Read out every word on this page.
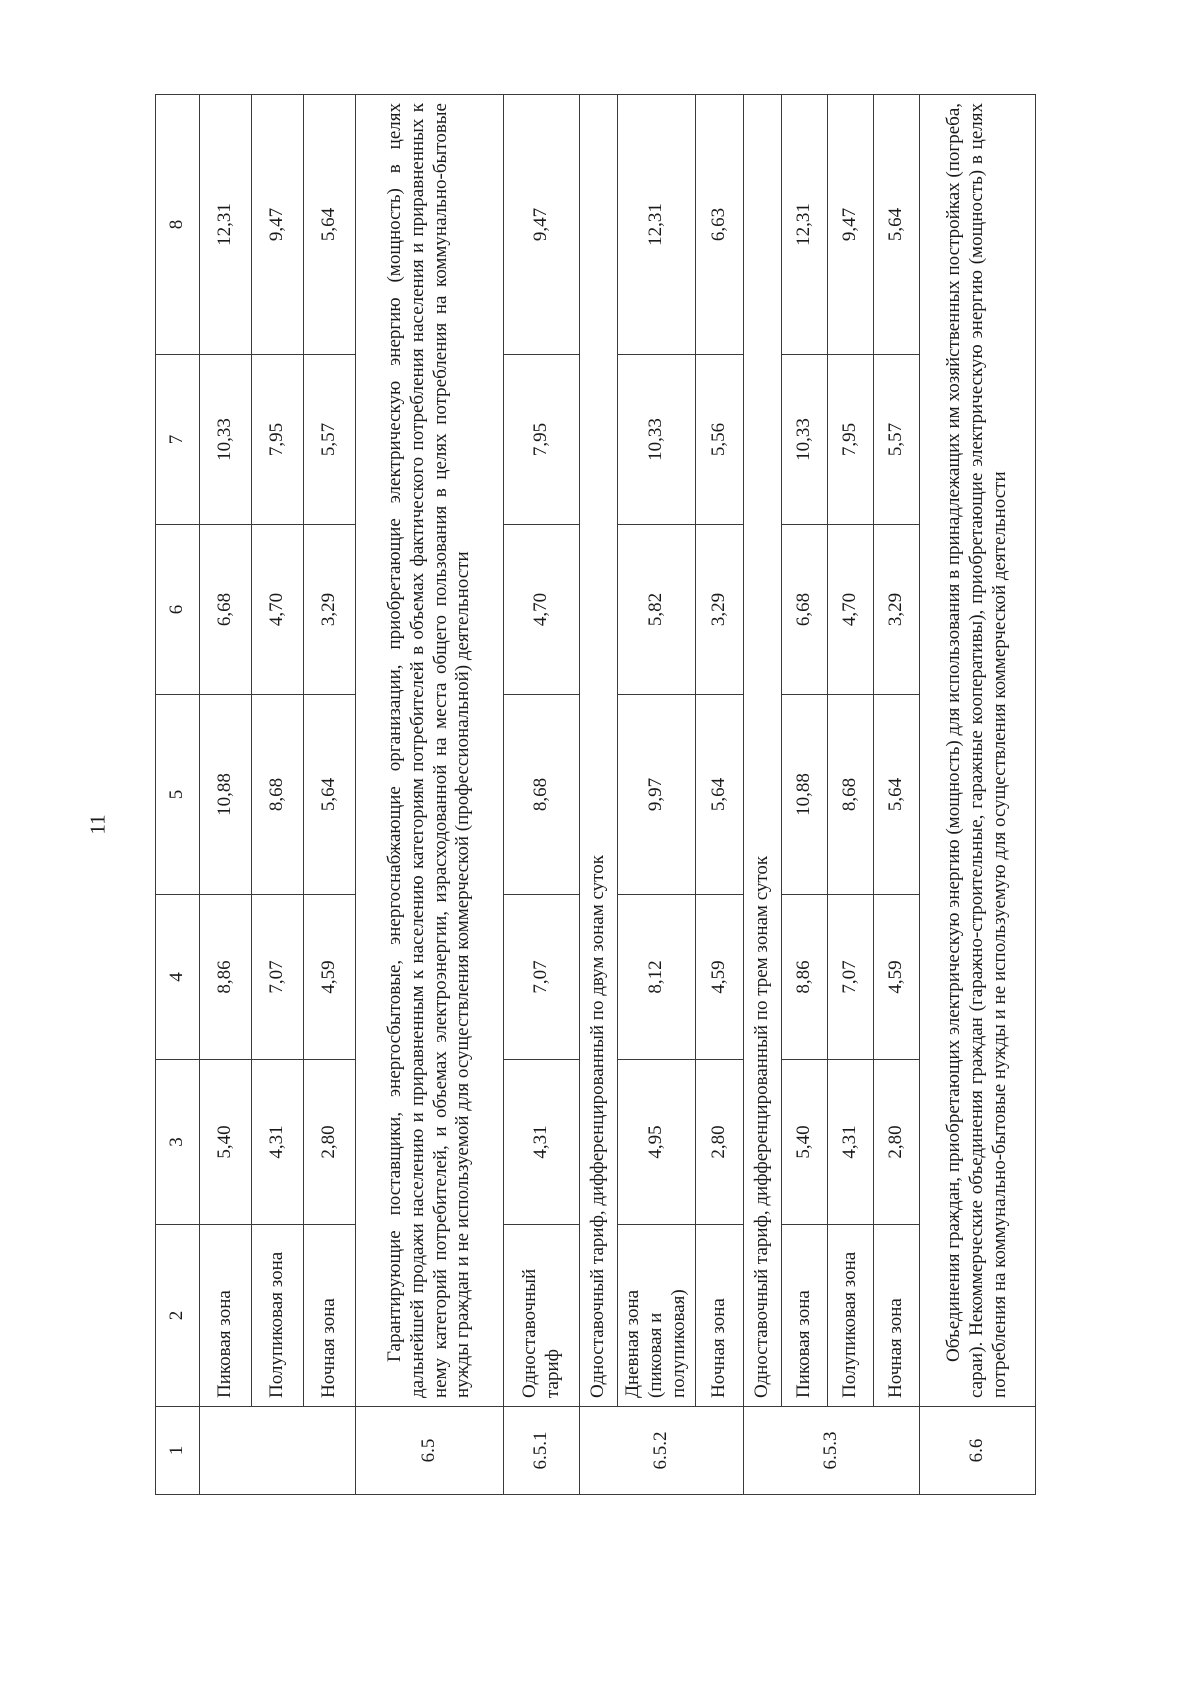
11
1	2	3	4	5	6	7	8
	Пиковая зона	5,40	8,86	10,88	6,68	10,33	12,31
	Полупиковая зона	4,31	7,07	8,68	4,70	7,95	9,47
	Ночная зона	2,80	4,59	5,64	3,29	5,57	5,64
6.5	Гарантирующие поставщики, энергосбытовые, энергоснабжающие организации, приобретающие электрическую энергию (мощность) в целях дальнейшей продажи населению и приравненным к населению категориям потребителей в объемах фактического потребления населения и приравненных к нему категорий потребителей, и объемах электроэнергии, израсходованной на места общего пользования в целях потребления на коммунально-бытовые нужды граждан и не используемой для осуществления коммерческой (профессиональной) деятельности						
6.5.1	Одноставочный тариф	4,31	7,07	8,68	4,70	7,95	9,47
6.5.2	Одноставочный тариф, дифференцированный по двум зонам суток						
	Дневная зона (пиковая и полупиковая)	4,95	8,12	9,97	5,82	10,33	12,31
	Ночная зона	2,80	4,59	5,64	3,29	5,56	6,63
6.5.3	Одноставочный тариф, дифференцированный по трем зонам суток						
	Пиковая зона	5,40	8,86	10,88	6,68	10,33	12,31
	Полупиковая зона	4,31	7,07	8,68	4,70	7,95	9,47
	Ночная зона	2,80	4,59	5,64	3,29	5,57	5,64
6.6	Объединения граждан, приобретающих электрическую энергию (мощность) для использования в принадлежащих им хозяйственных постройках (погреба, сараи). Некоммерческие объединения граждан (гаражно-строительные, гаражные кооперативы), приобретающие электрическую энергию (мощность) в целях потребления на коммунально-бытовые нужды и не используемую для осуществления коммерческой деятельности						
